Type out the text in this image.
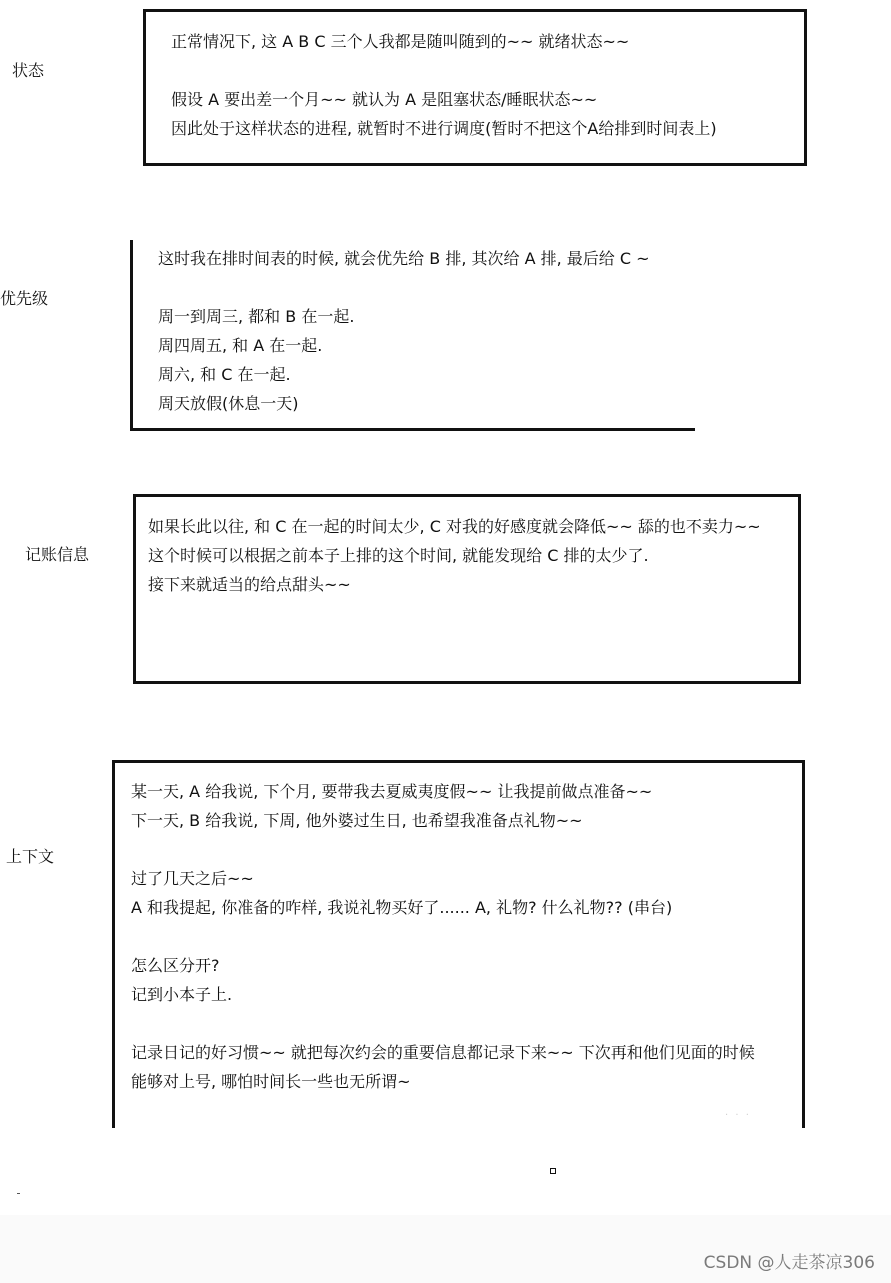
状态
正常情况下, 这 A B C 三个人我都是随叫随到的~~ 就绪状态~~
假设 A 要出差一个月~~ 就认为 A 是阻塞状态/睡眠状态~~
因此处于这样状态的进程, 就暂时不进行调度(暂时不把这个A给排到时间表上)
优先级
这时我在排时间表的时候, 就会优先给 B 排, 其次给 A 排, 最后给 C ~
周一到周三, 都和 B 在一起.
周四周五, 和 A 在一起.
周六, 和 C 在一起.
周天放假(休息一天)
记账信息
如果长此以往, 和 C 在一起的时间太少, C 对我的好感度就会降低~~ 舔的也不卖力~~
这个时候可以根据之前本子上排的这个时间, 就能发现给 C 排的太少了.
接下来就适当的给点甜头~~
上下文
某一天, A 给我说, 下个月, 要带我去夏威夷度假~~ 让我提前做点准备~~
下一天, B 给我说, 下周, 他外婆过生日, 也希望我准备点礼物~~
过了几天之后~~
A 和我提起, 你准备的咋样, 我说礼物买好了...... A, 礼物? 什么礼物?? (串台)
怎么区分开?
记到小本子上.
记录日记的好习惯~~ 就把每次约会的重要信息都记录下来~~ 下次再和他们见面的时候
能够对上号, 哪怕时间长一些也无所谓~
· · ·
CSDN @人走茶凉306
